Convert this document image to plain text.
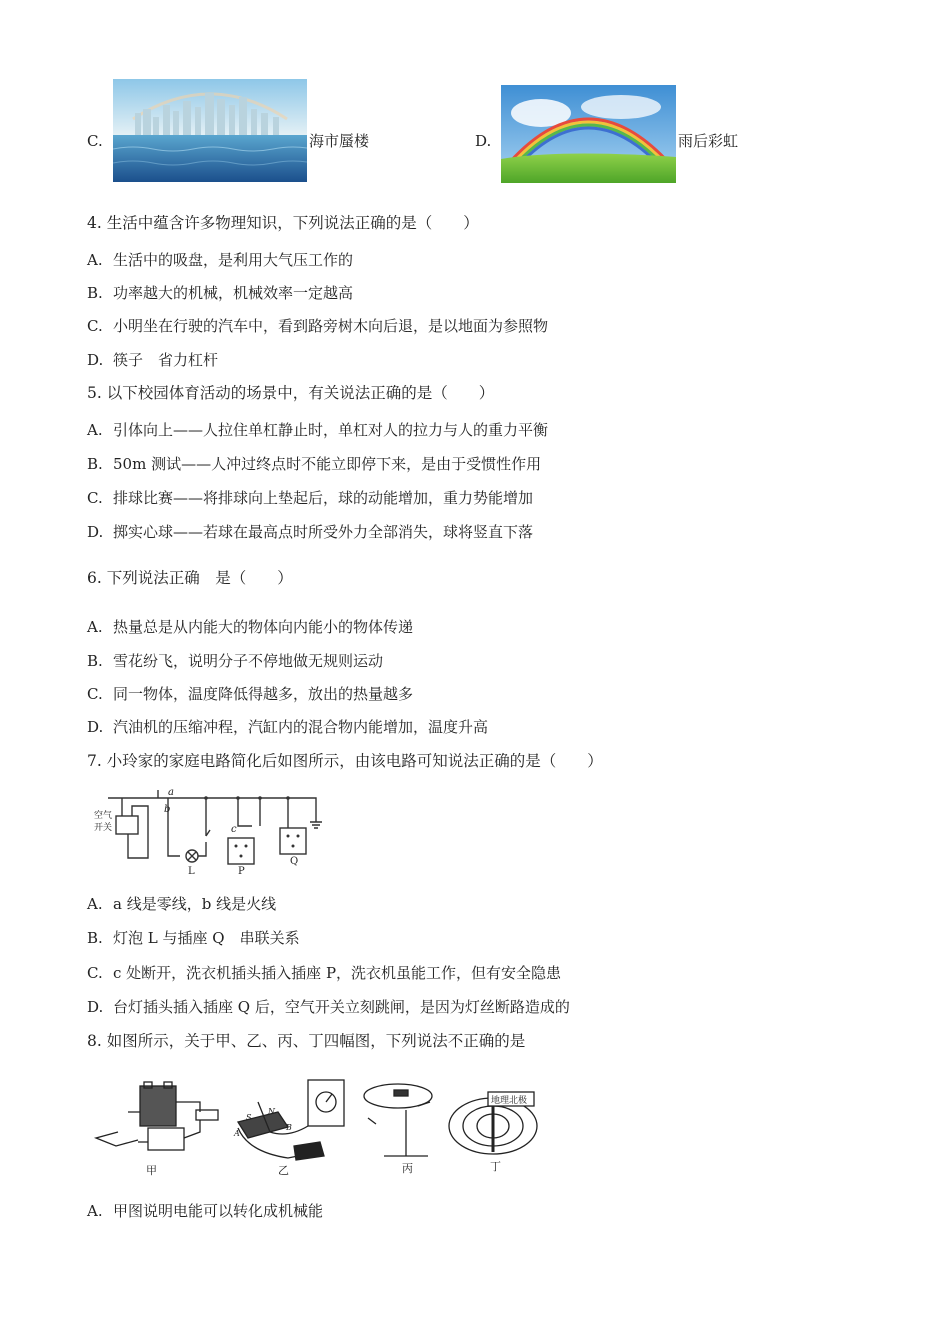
C.	海市蜃楼	D.	雨后彩虹
4. 生活中蕴含许多物理知识，下列说法正确的是（　　）
A. 生活中的吸盘，是利用大气压工作的
B. 功率越大的机械，机械效率一定越高
C. 小明坐在行驶的汽车中，看到路旁树木向后退，是以地面为参照物
D. 筷子　省力杠杆
5. 以下校园体育活动的场景中，有关说法正确的是（　　）
A. 引体向上——人拉住单杠静止时，单杠对人的拉力与人的重力平衡
B. 50m 测试——人冲过终点时不能立即停下来，是由于受惯性作用
C. 排球比赛——将排球向上垫起后，球的动能增加，重力势能增加
D. 掷实心球——若球在最高点时所受外力全部消失，球将竖直下落
6. 下列说法正确　是（　　）
A. 热量总是从内能大的物体向内能小的物体传递
B. 雪花纷飞，说明分子不停地做无规则运动
C. 同一物体，温度降低得越多，放出的热量越多
D. 汽油机的压缩冲程，汽缸内的混合物内能增加，温度升高
7. 小玲家的家庭电路简化后如图所示，由该电路可知说法正确的是（　　）
空气
开关
a
b
c
L	P
Q
A. a 线是零线，b 线是火线
B. 灯泡 L 与插座 Q　串联关系
C. c 处断开，洗衣机插头插入插座 P，洗衣机虽能工作，但有安全隐患
D. 台灯插头插入插座 Q 后，空气开关立刻跳闸，是因为灯丝断路造成的
8. 如图所示，关于甲、乙、丙、丁四幅图，下列说法不正确的是
甲	乙	丙	丁
地理北极
N
S
A
B
A. 甲图说明电能可以转化成机械能
